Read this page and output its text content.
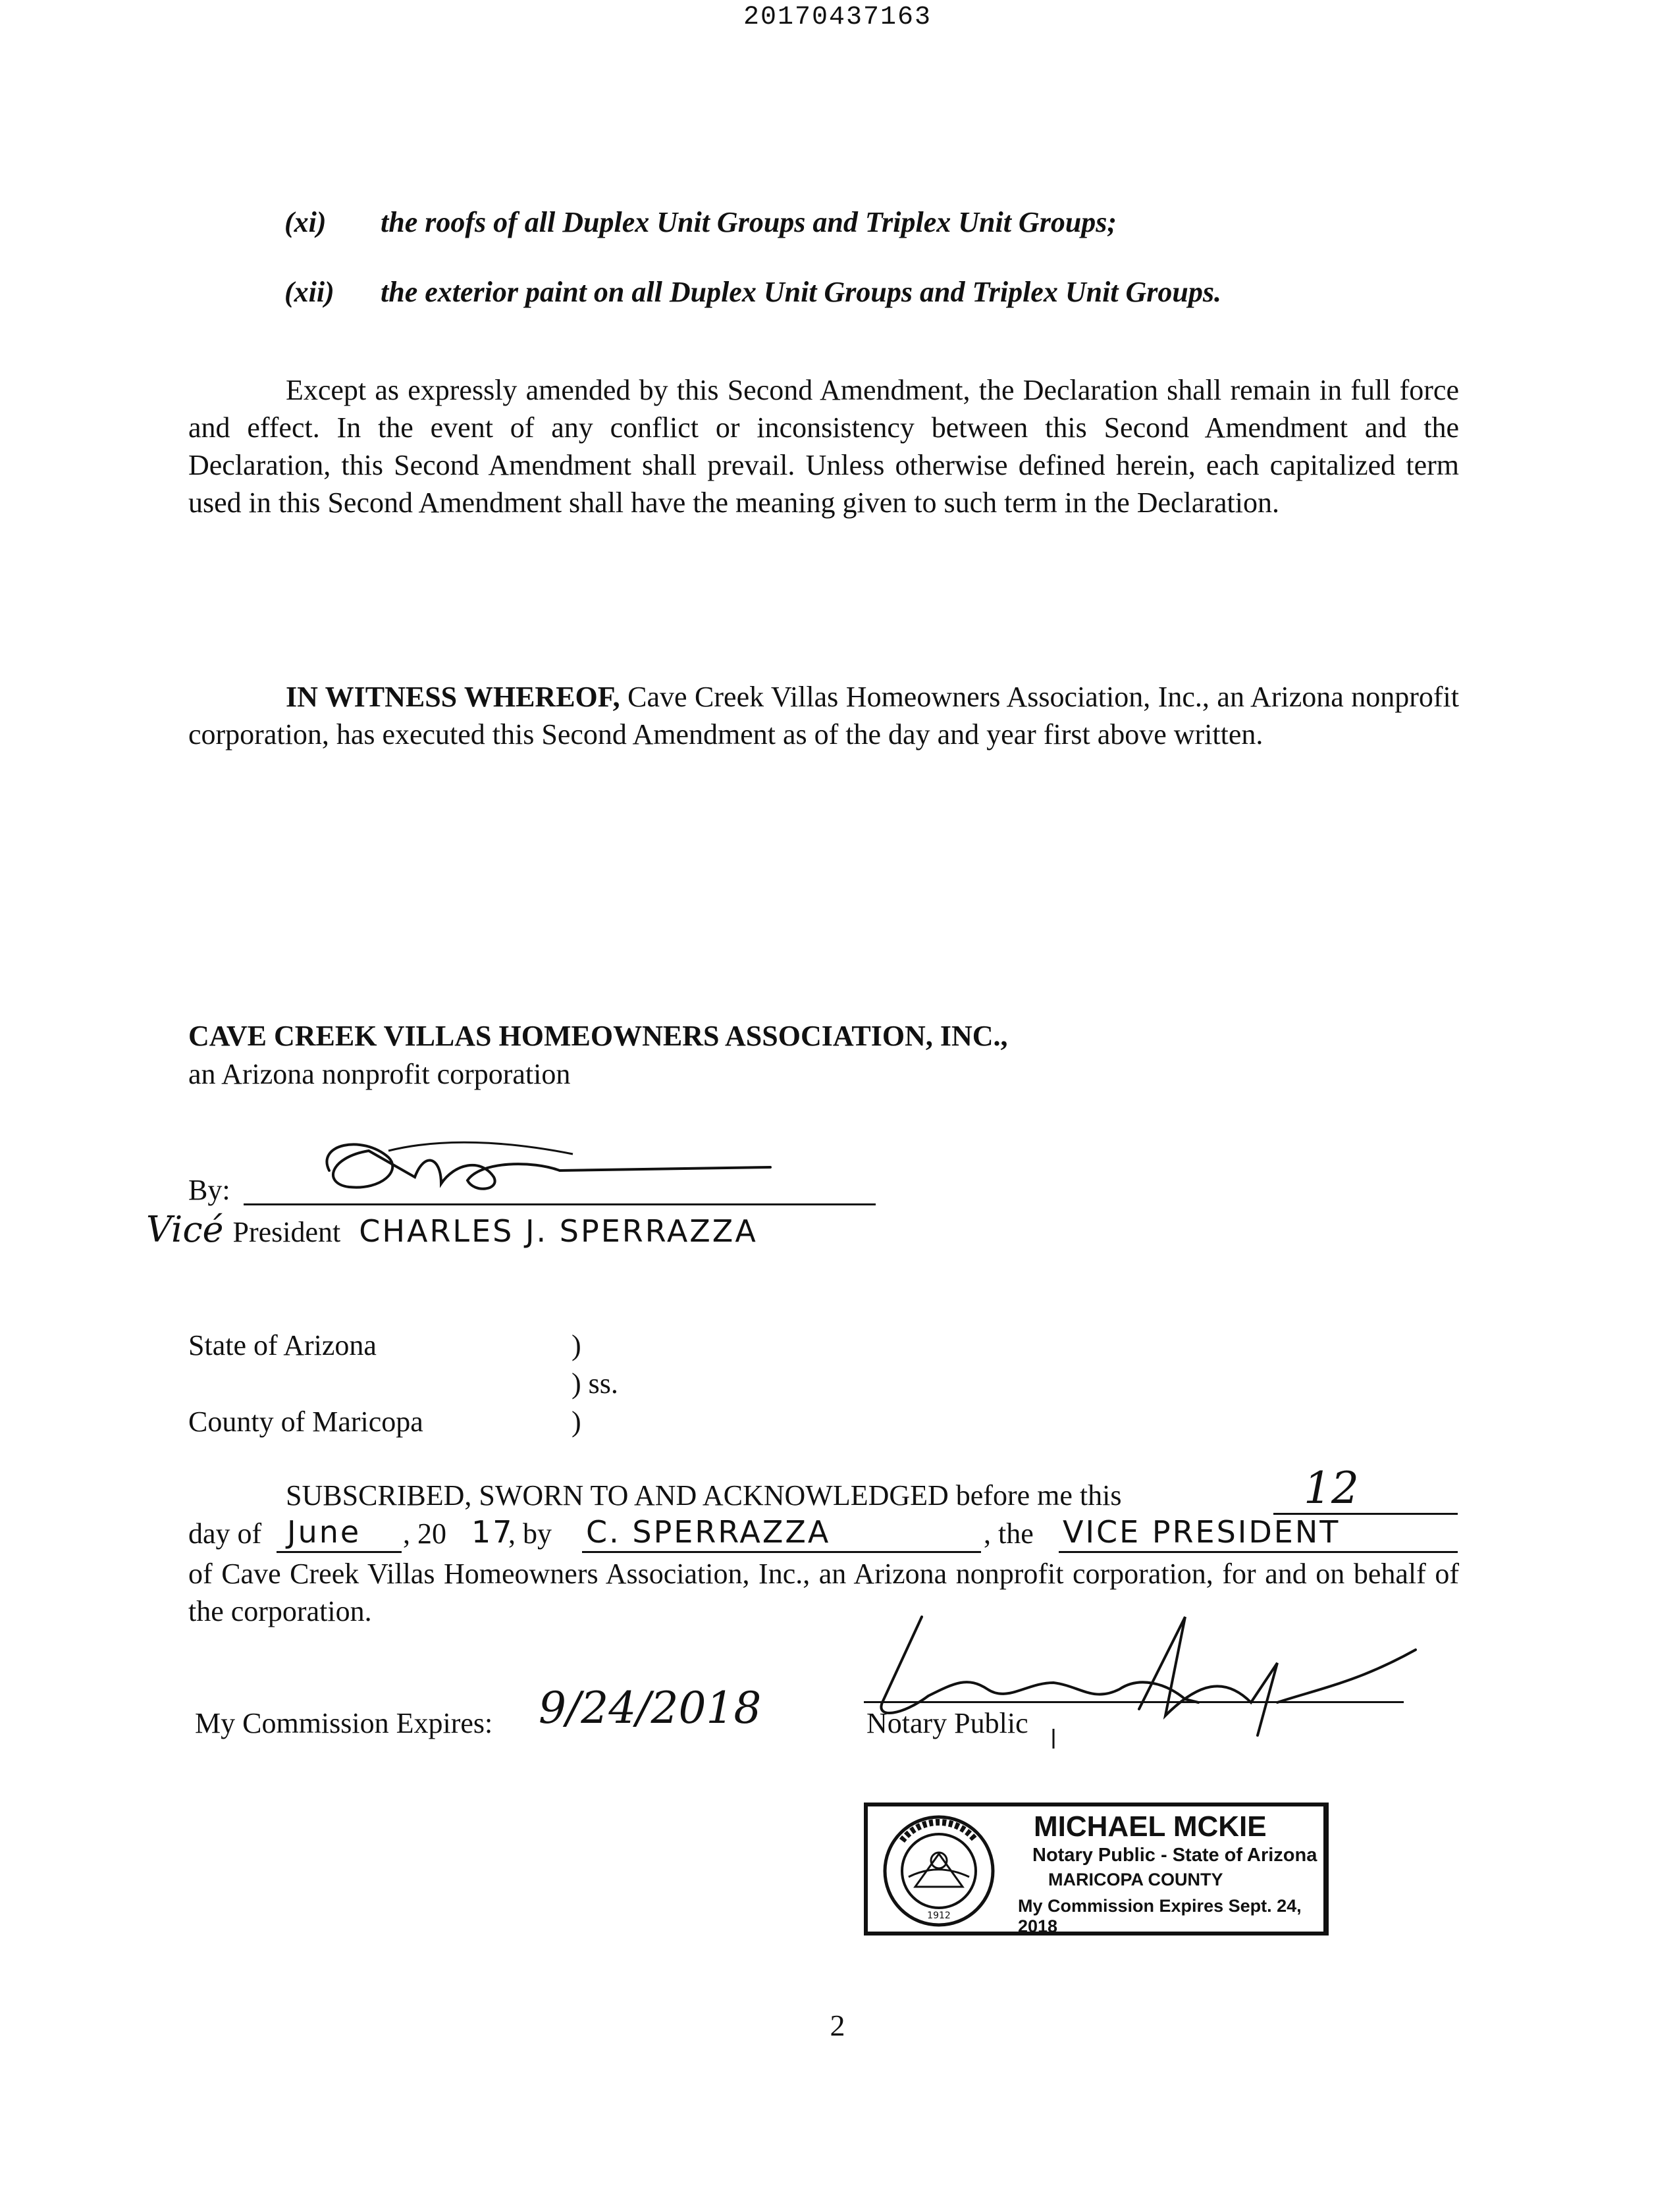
20170437163
(xi) the roofs of all Duplex Unit Groups and Triplex Unit Groups;
(xii) the exterior paint on all Duplex Unit Groups and Triplex Unit Groups.
Except as expressly amended by this Second Amendment, the Declaration shall remain in full force and effect. In the event of any conflict or inconsistency between this Second Amendment and the Declaration, this Second Amendment shall prevail. Unless otherwise defined herein, each capitalized term used in this Second Amendment shall have the meaning given to such term in the Declaration.
IN WITNESS WHEREOF, Cave Creek Villas Homeowners Association, Inc., an Arizona nonprofit corporation, has executed this Second Amendment as of the day and year first above written.
CAVE CREEK VILLAS HOMEOWNERS ASSOCIATION, INC.,
an Arizona nonprofit corporation
By:
Vicé President CHARLES J. SPERRAZZA
State of Arizona	)
) ss.
County of Maricopa	)
SUBSCRIBED, SWORN TO AND ACKNOWLEDGED before me this	12
day of June , 20 17
, by C. SPERRAZZA	, the VICE PRESIDENT
of Cave Creek Villas Homeowners Association, Inc., an Arizona nonprofit corporation, for and on behalf of the corporation.
My Commission Expires: 9/24/2018	Notary Public
1912
MICHAEL MCKIE
Notary Public - State of Arizona
MARICOPA COUNTY
My Commission Expires Sept. 24, 2018
2
